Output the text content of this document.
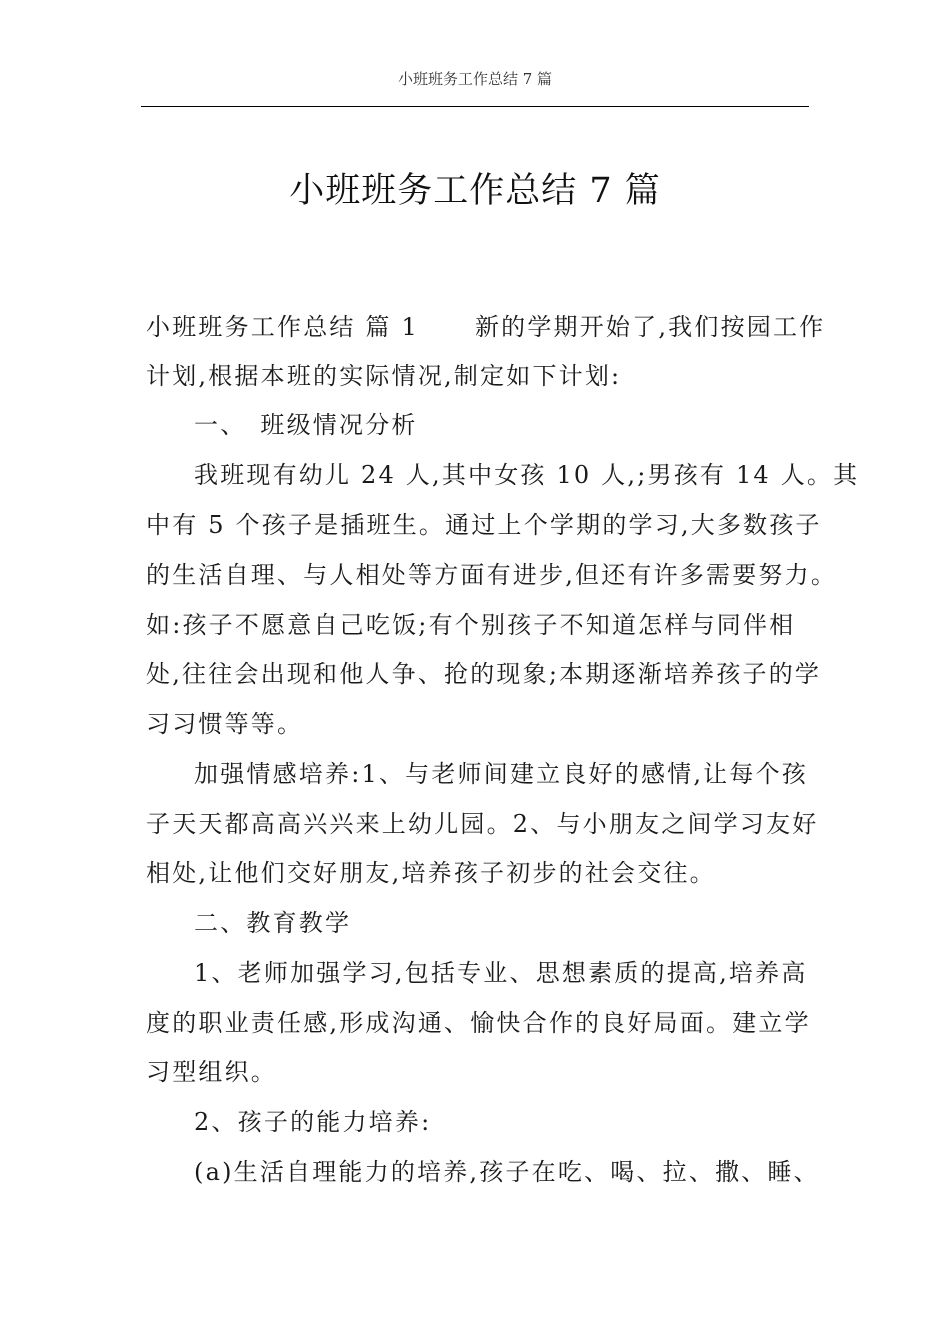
小班班务工作总结 7 篇
小班班务工作总结 7 篇
小班班务工作总结 篇 1 新的学期开始了,我们按园工作
计划,根据本班的实际情况,制定如下计划:
一、 班级情况分析
我班现有幼儿 24 人,其中女孩 10 人,;男孩有 14 人。其
中有 5 个孩子是插班生。通过上个学期的学习,大多数孩子
的生活自理、与人相处等方面有进步,但还有许多需要努力。
如:孩子不愿意自己吃饭;有个别孩子不知道怎样与同伴相
处,往往会出现和他人争、抢的现象;本期逐渐培养孩子的学
习习惯等等。
加强情感培养:1、与老师间建立良好的感情,让每个孩
子天天都高高兴兴来上幼儿园。2、与小朋友之间学习友好
相处,让他们交好朋友,培养孩子初步的社会交往。
二、教育教学
1、老师加强学习,包括专业、思想素质的提高,培养高
度的职业责任感,形成沟通、愉快合作的良好局面。建立学
习型组织。
2、孩子的能力培养:
(a)生活自理能力的培养,孩子在吃、喝、拉、撒、睡、
